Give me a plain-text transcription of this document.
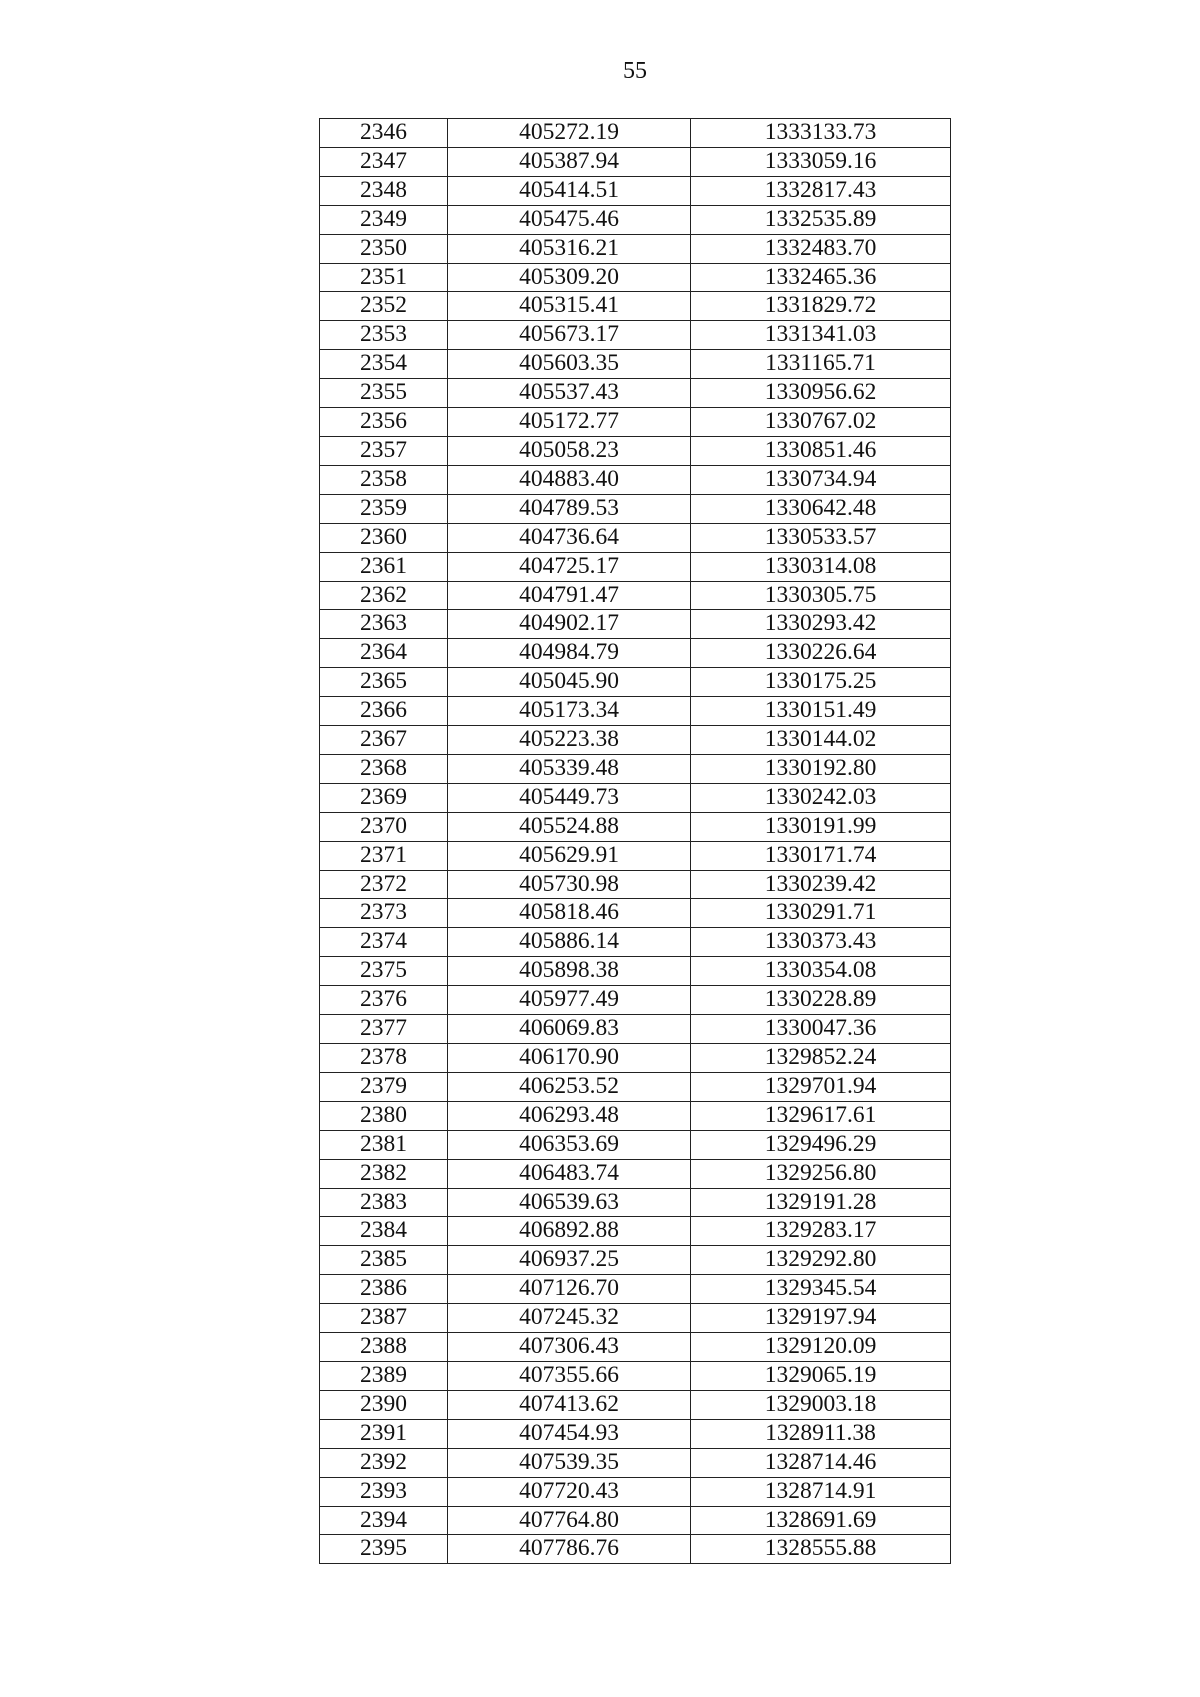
55
2346	405272.19	1333133.73
2347	405387.94	1333059.16
2348	405414.51	1332817.43
2349	405475.46	1332535.89
2350	405316.21	1332483.70
2351	405309.20	1332465.36
2352	405315.41	1331829.72
2353	405673.17	1331341.03
2354	405603.35	1331165.71
2355	405537.43	1330956.62
2356	405172.77	1330767.02
2357	405058.23	1330851.46
2358	404883.40	1330734.94
2359	404789.53	1330642.48
2360	404736.64	1330533.57
2361	404725.17	1330314.08
2362	404791.47	1330305.75
2363	404902.17	1330293.42
2364	404984.79	1330226.64
2365	405045.90	1330175.25
2366	405173.34	1330151.49
2367	405223.38	1330144.02
2368	405339.48	1330192.80
2369	405449.73	1330242.03
2370	405524.88	1330191.99
2371	405629.91	1330171.74
2372	405730.98	1330239.42
2373	405818.46	1330291.71
2374	405886.14	1330373.43
2375	405898.38	1330354.08
2376	405977.49	1330228.89
2377	406069.83	1330047.36
2378	406170.90	1329852.24
2379	406253.52	1329701.94
2380	406293.48	1329617.61
2381	406353.69	1329496.29
2382	406483.74	1329256.80
2383	406539.63	1329191.28
2384	406892.88	1329283.17
2385	406937.25	1329292.80
2386	407126.70	1329345.54
2387	407245.32	1329197.94
2388	407306.43	1329120.09
2389	407355.66	1329065.19
2390	407413.62	1329003.18
2391	407454.93	1328911.38
2392	407539.35	1328714.46
2393	407720.43	1328714.91
2394	407764.80	1328691.69
2395	407786.76	1328555.88
